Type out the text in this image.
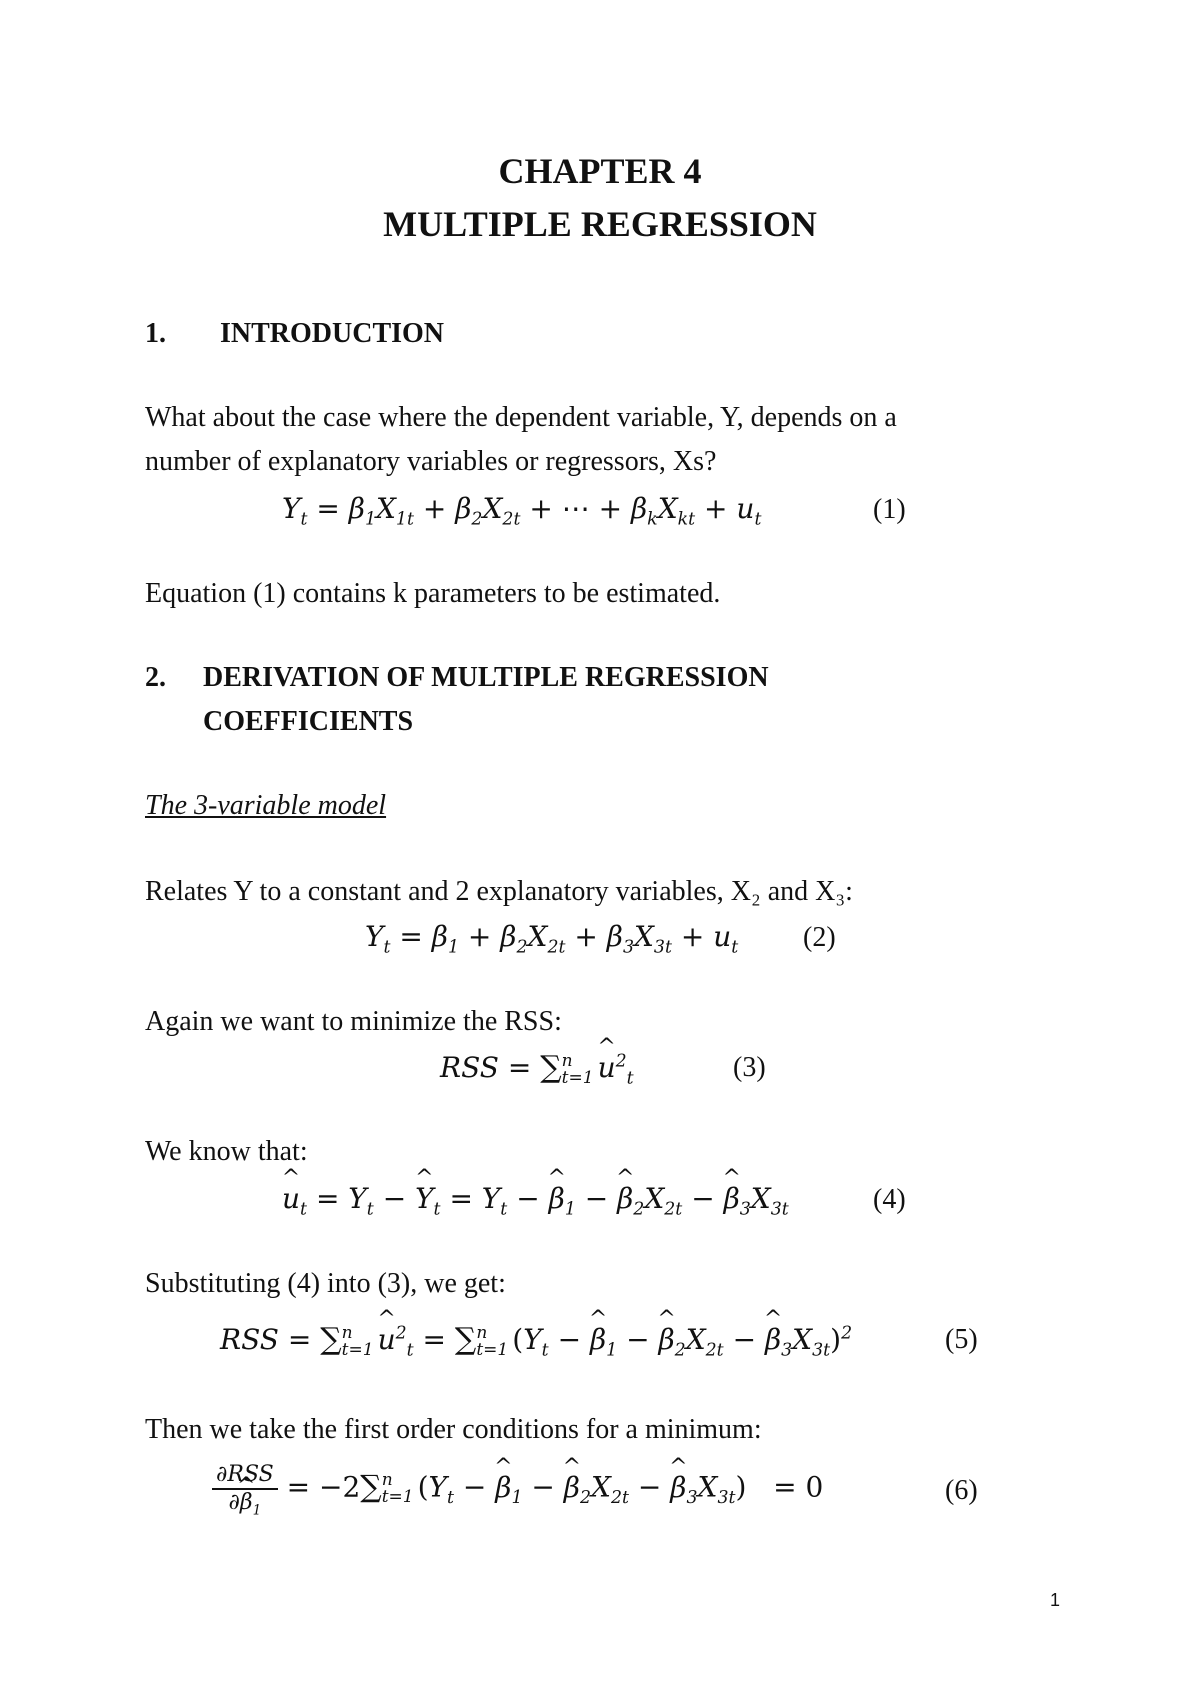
CHAPTER 4
MULTIPLE REGRESSION
1. INTRODUCTION
What about the case where the dependent variable, Y, depends on a
number of explanatory variables or regressors, Xs?
$Y_t = \beta_1X_{1t} + \beta_2X_{2t}$ + ⋯ + $\beta_kX_{kt} + u_t$	(1)
Equation (1) contains k parameters to be estimated.
2. DERIVATION OF MULTIPLE REGRESSION
COEFFICIENTS
The 3-variable model
Relates Y to a constant and 2 explanatory variables, X₂ and X₃:
$Y_t = \beta_1 + \beta_2X_{2t} + \beta_3X_{3t} + u_t$ (2)
Again we want to minimize the RSS:
RSS = ∑ n
t=1 ^ $u^2_t$	(3)
We know that:
^ $u_t = Y_t$ − ^ $Y_t = Y_t$ − ^ $\beta_1$ − ^ $\beta_2X_{2t}$ − ^ $\beta_3X_{3t}$	(4)
Substituting (4) into (3), we get:
RSS = ∑ n
t=1 ^ $u^2_t$ = ∑ n
t=1 ($Y_t$ − ^ $\beta_1$ − ^ $\beta_2X_{2t}$ − ^ $\beta_3X_{3t})^2$	(5)
Then we take the first order conditions for a minimum:
$\frac{\text{∂RSS}}{\partial\^{} \beta_1} = -2\sum$ n
t=1 ($Y_t$ − ^ $\beta_1$ − ^ $\beta_2X_{2t}$ − ^ $\beta_3X_{3t}) = 0$	(6)
1
